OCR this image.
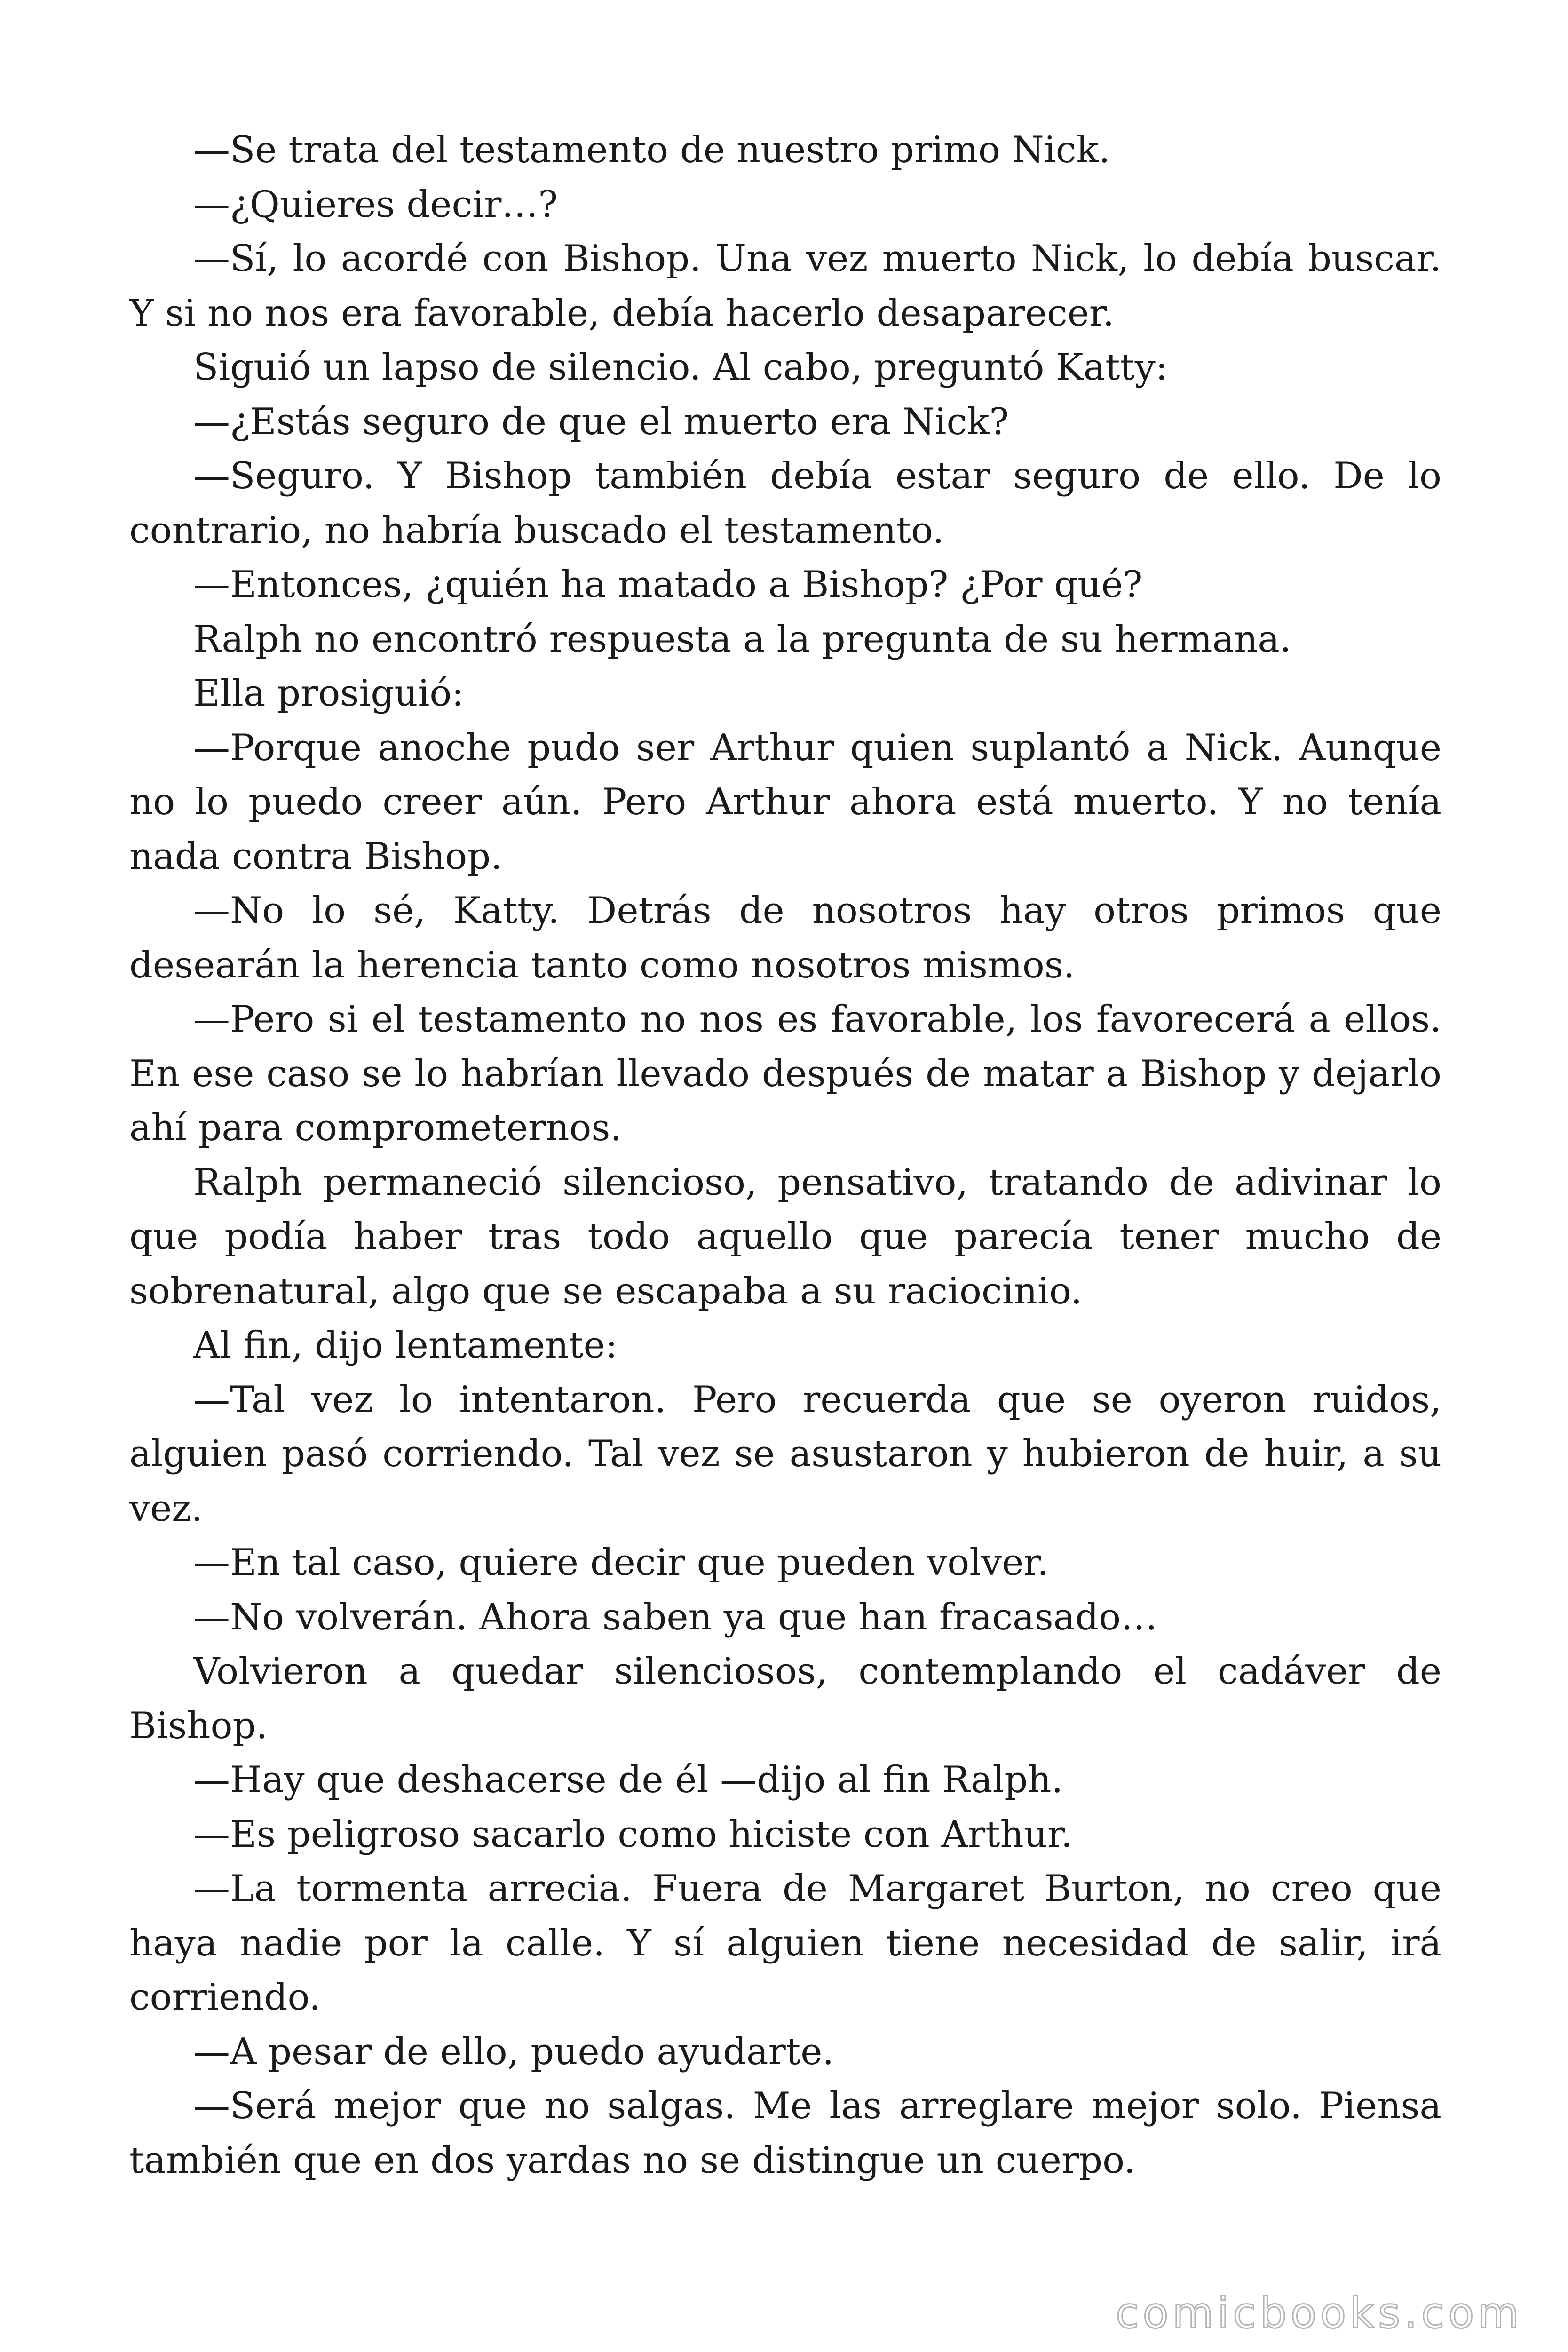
—Se trata del testamento de nuestro primo Nick.

—¿Quieres decir…?

—Sí, lo acordé con Bishop. Una vez muerto Nick, lo debía buscar. Y si no nos era favorable, debía hacerlo desaparecer.

Siguió un lapso de silencio. Al cabo, preguntó Katty:

—¿Estás seguro de que el muerto era Nick?

—Seguro. Y Bishop también debía estar seguro de ello. De lo contrario, no habría buscado el testamento.

—Entonces, ¿quién ha matado a Bishop? ¿Por qué?

Ralph no encontró respuesta a la pregunta de su hermana.

Ella prosiguió:

—Porque anoche pudo ser Arthur quien suplantó a Nick. Aunque no lo puedo creer aún. Pero Arthur ahora está muerto. Y no tenía nada contra Bishop.

—No lo sé, Katty. Detrás de nosotros hay otros primos que desearán la herencia tanto como nosotros mismos.

—Pero si el testamento no nos es favorable, los favorecerá a ellos. En ese caso se lo habrían llevado después de matar a Bishop y dejarlo ahí para comprometernos.

Ralph permaneció silencioso, pensativo, tratando de adivinar lo que podía haber tras todo aquello que parecía tener mucho de sobrenatural, algo que se escapaba a su raciocinio.

Al fin, dijo lentamente:

—Tal vez lo intentaron. Pero recuerda que se oyeron ruidos, alguien pasó corriendo. Tal vez se asustaron y hubieron de huir, a su vez.

—En tal caso, quiere decir que pueden volver.

—No volverán. Ahora saben ya que han fracasado…

Volvieron a quedar silenciosos, contemplando el cadáver de Bishop.

—Hay que deshacerse de él —dijo al fin Ralph.

—Es peligroso sacarlo como hiciste con Arthur.

—La tormenta arrecia. Fuera de Margaret Burton, no creo que haya nadie por la calle. Y sí alguien tiene necesidad de salir, irá corriendo.

—A pesar de ello, puedo ayudarte.

—Será mejor que no salgas. Me las arreglare mejor solo. Piensa también que en dos yardas no se distingue un cuerpo.

comicbooks.com
